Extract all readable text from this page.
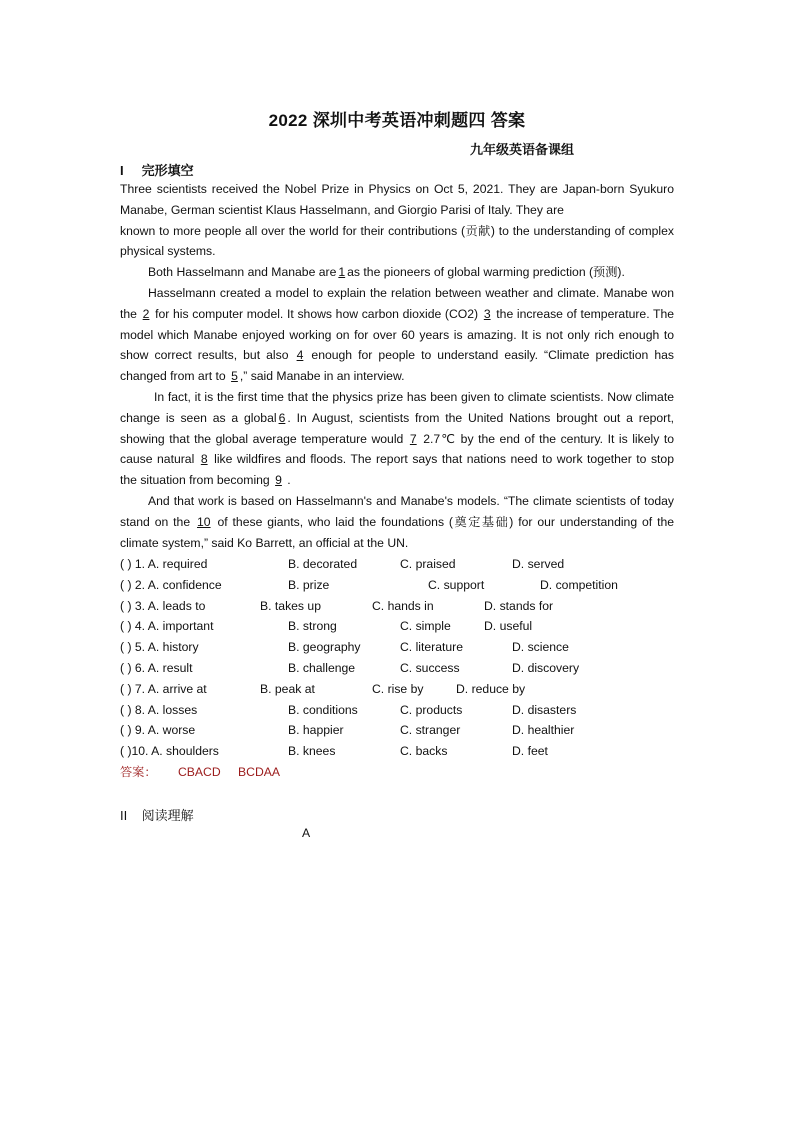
2022 深圳中考英语冲刺题四 答案
九年级英语备课组
I 完形填空

Three scientists received the Nobel Prize in Physics on Oct 5, 2021. They are Japan-born Syukuro Manabe, German scientist Klaus Hasselmann, and Giorgio Parisi of Italy. They are

known to more people all over the world for their contributions (贡献) to the understanding of complex physical systems.

Both Hasselmann and Manabe are 1 as the pioneers of global warming prediction (预测).

Hasselmann created a model to explain the relation between weather and climate. Manabe won the 2 for his computer model. It shows how carbon dioxide (CO2) 3 the increase of temperature. The model which Manabe enjoyed working on for over 60 years is amazing. It is not only rich enough to show correct results, but also 4 enough for people to understand easily. “Climate prediction has changed from art to 5 ,” said Manabe in an interview.

In fact, it is the first time that the physics prize has been given to climate scientists. Now climate change is seen as a global 6 . In August, scientists from the United Nations brought out a report, showing that the global average temperature would 7 2.7℃ by the end of the century. It is likely to cause natural 8 like wildfires and floods. The report says that nations need to work together to stop the situation from becoming 9 .

And that work is based on Hasselmann's and Manabe's models. “The climate scientists of today stand on the 10 of these giants, who laid the foundations (奠定基础) for our understanding of the climate system,” said Ko Barrett, an official at the UN.

( ) 1. A. required	B. decorated	C. praised	D. served
( ) 2. A. confidence	B. prize	C. support	D. competition
( ) 3. A. leads to	B. takes up	C. hands in	D. stands for
( ) 4. A. important	B. strong	C. simple	D. useful
( ) 5. A. history	B. geography	C. literature	D. science
( ) 6. A. result	B. challenge	C. success	D. discovery
( ) 7. A. arrive at	B. peak at	C. rise by	D. reduce by
( ) 8. A. losses	B. conditions	C. products	D. disasters
( ) 9. A. worse	B. happier	C. stranger	D. healthier
( )10. A. shoulders	B. knees	C. backs	D. feet
答案： CBACD BCDAA
II 阅读理解
A
